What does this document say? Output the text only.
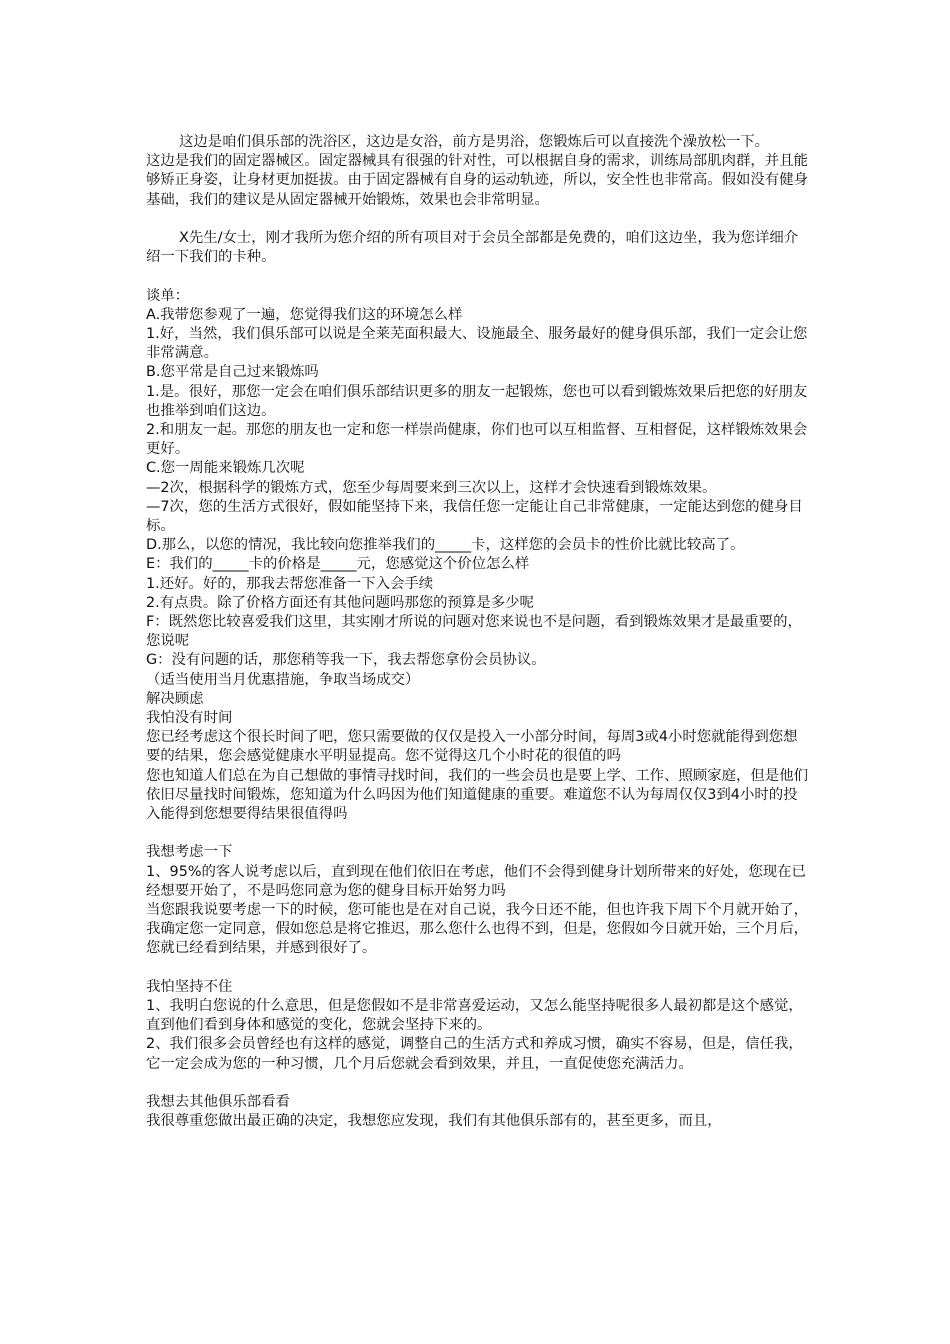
这边是咱们俱乐部的洗浴区，这边是女浴，前方是男浴，您锻炼后可以直接洗个澡放松一下。

这边是我们的固定器械区。固定器械具有很强的针对性，可以根据自身的需求，训练局部肌肉群，并且能够矫正身姿，让身材更加挺拔。由于固定器械有自身的运动轨迹，所以，安全性也非常高。假如没有健身基础，我们的建议是从固定器械开始锻炼，效果也会非常明显。

X先生/女士，刚才我所为您介绍的所有项目对于会员全部都是免费的，咱们这边坐，我为您详细介绍一下我们的卡种。

谈单：

A.我带您参观了一遍，您觉得我们这的环境怎么样

1.好，当然，我们俱乐部可以说是全莱芜面积最大、设施最全、服务最好的健身俱乐部，我们一定会让您非常满意。

B.您平常是自己过来锻炼吗

1.是。很好，那您一定会在咱们俱乐部结识更多的朋友一起锻炼，您也可以看到锻炼效果后把您的好朋友也推举到咱们这边。

2.和朋友一起。那您的朋友也一定和您一样崇尚健康，你们也可以互相监督、互相督促，这样锻炼效果会更好。

C.您一周能来锻炼几次呢

—2次，根据科学的锻炼方式，您至少每周要来到三次以上，这样才会快速看到锻炼效果。

—7次，您的生活方式很好，假如能坚持下来，我信任您一定能让自己非常健康，一定能达到您的健身目标。

D.那么，以您的情况，我比较向您推举我们的_____卡，这样您的会员卡的性价比就比较高了。

E：我们的_____卡的价格是_____元，您感觉这个价位怎么样

1.还好。好的，那我去帮您准备一下入会手续

2.有点贵。除了价格方面还有其他问题吗那您的预算是多少呢

F：既然您比较喜爱我们这里，其实刚才所说的问题对您来说也不是问题，看到锻炼效果才是最重要的，您说呢

G：没有问题的话，那您稍等我一下，我去帮您拿份会员协议。

（适当使用当月优惠措施，争取当场成交）

解决顾虑

我怕没有时间

您已经考虑这个很长时间了吧，您只需要做的仅仅是投入一小部分时间，每周3或4小时您就能得到您想要的结果，您会感觉健康水平明显提高。您不觉得这几个小时花的很值的吗

您也知道人们总在为自己想做的事情寻找时间，我们的一些会员也是要上学、工作、照顾家庭，但是他们依旧尽量找时间锻炼，您知道为什么吗因为他们知道健康的重要。难道您不认为每周仅仅3到4小时的投入能得到您想要得结果很值得吗

我想考虑一下

1、95%的客人说考虑以后，直到现在他们依旧在考虑，他们不会得到健身计划所带来的好处，您现在已经想要开始了，不是吗您同意为您的健身目标开始努力吗

当您跟我说要考虑一下的时候，您可能也是在对自己说，我今日还不能，但也许我下周下个月就开始了，我确定您一定同意，假如您总是将它推迟，那么您什么也得不到，但是，您假如今日就开始，三个月后，您就已经看到结果，并感到很好了。

我怕坚持不住

1、我明白您说的什么意思，但是您假如不是非常喜爱运动，又怎么能坚持呢很多人最初都是这个感觉，直到他们看到身体和感觉的变化，您就会坚持下来的。

2、我们很多会员曾经也有这样的感觉，调整自己的生活方式和养成习惯，确实不容易，但是，信任我，它一定会成为您的一种习惯，几个月后您就会看到效果，并且，一直促使您充满活力。

我想去其他俱乐部看看

我很尊重您做出最正确的决定，我想您应发现，我们有其他俱乐部有的，甚至更多，而且，
